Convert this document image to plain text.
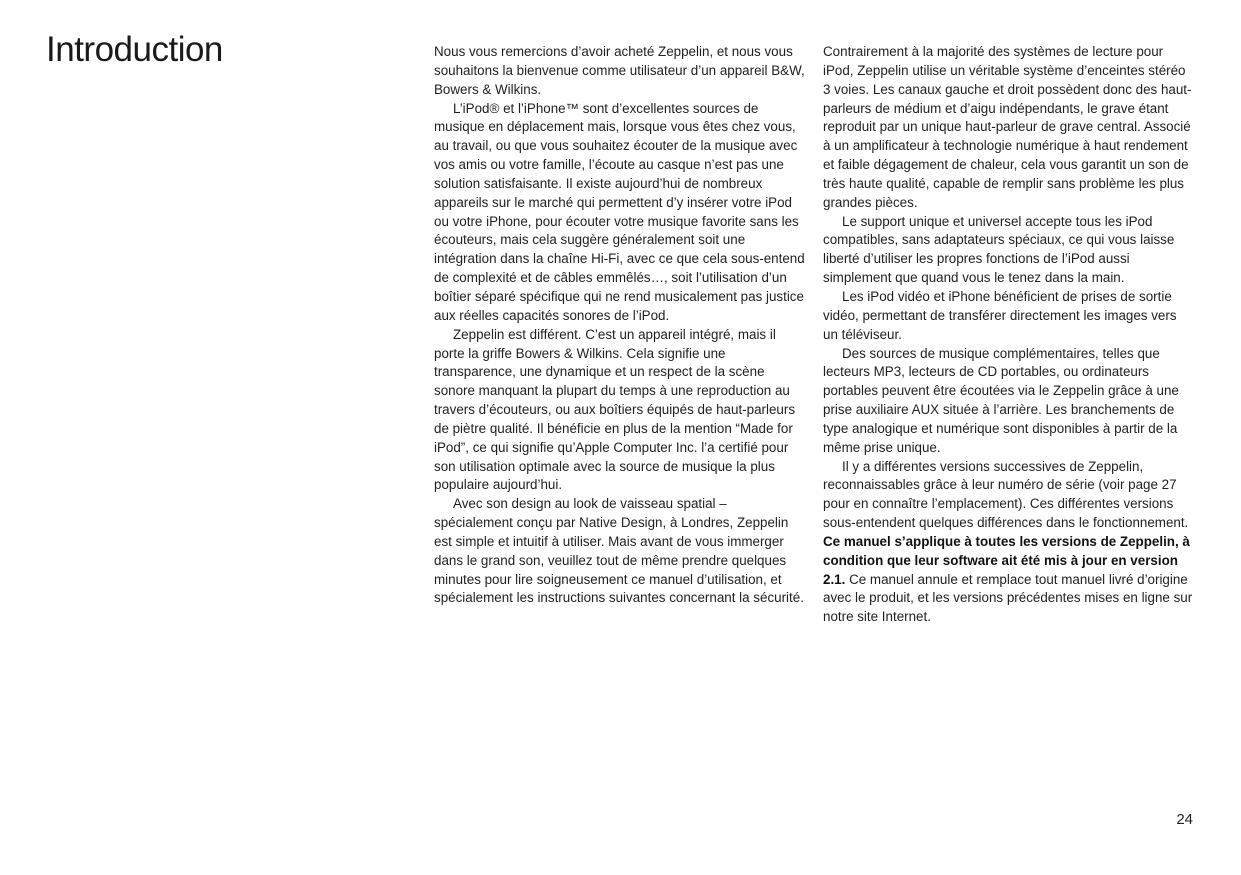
Introduction	Nous vous remercions d’avoir acheté Zeppelin, et nous vous souhaitons la bienvenue comme utilisateur d’un appareil B&W, Bowers & Wilkins.

L’iPod® et l’iPhone™ sont d’excellentes sources de musique en déplacement mais, lorsque vous êtes chez vous, au travail, ou que vous souhaitez écouter de la musique avec vos amis ou votre famille, l’écoute au casque n’est pas une solution satisfaisante. Il existe aujourd’hui de nombreux appareils sur le marché qui permettent d’y insérer votre iPod ou votre iPhone, pour écouter votre musique favorite sans les écouteurs, mais cela suggère généralement soit une intégration dans la chaîne Hi-Fi, avec ce que cela sous-entend de complexité et de câbles emmêlés…, soit l’utilisation d’un boîtier séparé spécifique qui ne rend musicalement pas justice aux réelles capacités sonores de l’iPod.

Zeppelin est différent. C’est un appareil intégré, mais il porte la griffe Bowers & Wilkins. Cela signifie une transparence, une dynamique et un respect de la scène sonore manquant la plupart du temps à une reproduction au travers d’écouteurs, ou aux boîtiers équipés de haut-parleurs de piètre qualité. Il bénéficie en plus de la mention “Made for iPod”, ce qui signifie qu’Apple Computer Inc. l’a certifié pour son utilisation optimale avec la source de musique la plus populaire aujourd’hui.

Avec son design au look de vaisseau spatial – spécialement conçu par Native Design, à Londres, Zeppelin est simple et intuitif à utiliser. Mais avant de vous immerger dans le grand son, veuillez tout de même prendre quelques minutes pour lire soigneusement ce manuel d’utilisation, et spécialement les instructions suivantes concernant la sécurité.

Contrairement à la majorité des systèmes de lecture pour iPod, Zeppelin utilise un véritable système d’enceintes stéréo 3 voies. Les canaux gauche et droit possèdent donc des haut-parleurs de médium et d’aigu indépendants, le grave étant reproduit par un unique haut-parleur de grave central. Associé à un amplificateur à technologie numérique à haut rendement et faible dégagement de chaleur, cela vous garantit un son de très haute qualité, capable de remplir sans problème les plus grandes pièces.

Le support unique et universel accepte tous les iPod compatibles, sans adaptateurs spéciaux, ce qui vous laisse liberté d’utiliser les propres fonctions de l’iPod aussi simplement que quand vous le tenez dans la main.

Les iPod vidéo et iPhone bénéficient de prises de sortie vidéo, permettant de transférer directement les images vers un téléviseur.

Des sources de musique complémentaires, telles que lecteurs MP3, lecteurs de CD portables, ou ordinateurs portables peuvent être écoutées via le Zeppelin grâce à une prise auxiliaire AUX située à l’arrière. Les branchements de type analogique et numérique sont disponibles à partir de la même prise unique.

Il y a différentes versions successives de Zeppelin, reconnaissables grâce à leur numéro de série (voir page 27 pour en connaître l’emplacement). Ces différentes versions sous-entendent quelques différences dans le fonctionnement. Ce manuel s’applique à toutes les versions de Zeppelin, à condition que leur software ait été mis à jour en version 2.1. Ce manuel annule et remplace tout manuel livré d’origine avec le produit, et les versions précédentes mises en ligne sur notre site Internet.

24
